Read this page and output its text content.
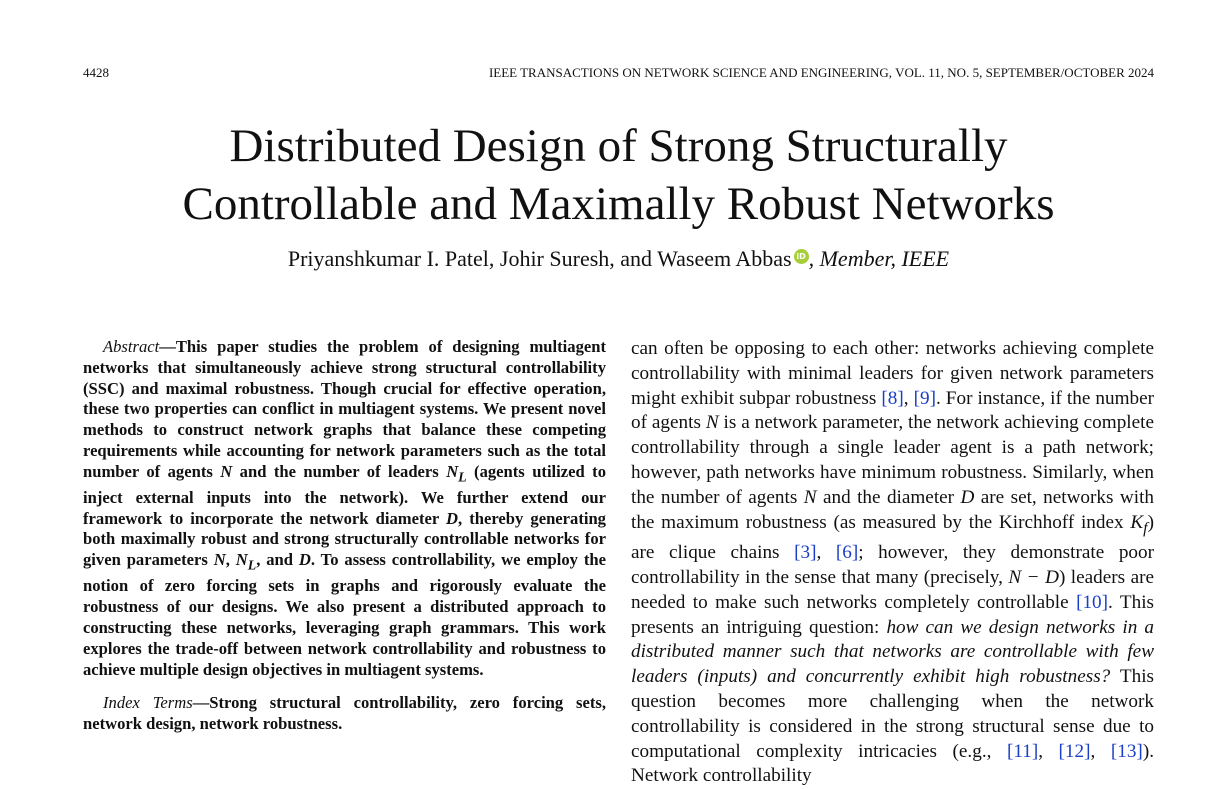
4428	IEEE TRANSACTIONS ON NETWORK SCIENCE AND ENGINEERING, VOL. 11, NO. 5, SEPTEMBER/OCTOBER 2024
Distributed Design of Strong Structurally
Controllable and Maximally Robust Networks
Priyanshkumar I. Patel, Johir Suresh, and Waseem Abbas iD , Member, IEEE

Abstract—This paper studies the problem of designing multiagent networks that simultaneously achieve strong structural controllability (SSC) and maximal robustness. Though crucial for effective operation, these two properties can conflict in multiagent systems. We present novel methods to construct network graphs that balance these competing requirements while accounting for network parameters such as the total number of agents N and the number of leaders $N_L$ (agents utilized to inject external inputs into the network). We further extend our framework to incorporate the network diameter D, thereby generating both maximally robust and strong structurally controllable networks for given parameters N, $N_L$, and D. To assess controllability, we employ the notion of zero forcing sets in graphs and rigorously evaluate the robustness of our designs. We also present a distributed approach to constructing these networks, leveraging graph grammars. This work explores the trade-off between network controllability and robustness to achieve multiple design objectives in multiagent systems.

Index Terms—Strong structural controllability, zero forcing sets, network design, network robustness.

can often be opposing to each other: networks achieving complete controllability with minimal leaders for given network parameters might exhibit subpar robustness [8], [9]. For instance, if the number of agents N is a network parameter, the network achieving complete controllability through a single leader agent is a path network; however, path networks have minimum robustness. Similarly, when the number of agents N and the diameter D are set, networks with the maximum robustness (as measured by the Kirchhoff index $K_f$) are clique chains [3], [6]; however, they demonstrate poor controllability in the sense that many (precisely, N − D) leaders are needed to make such networks completely controllable [10]. This presents an intriguing question: how can we design networks in a distributed manner such that networks are controllable with few leaders (inputs) and concurrently exhibit high robustness? This question becomes more challenging when the network controllability is considered in the strong structural sense due to computational complexity intricacies (e.g., [11], [12], [13]). Network controllability
